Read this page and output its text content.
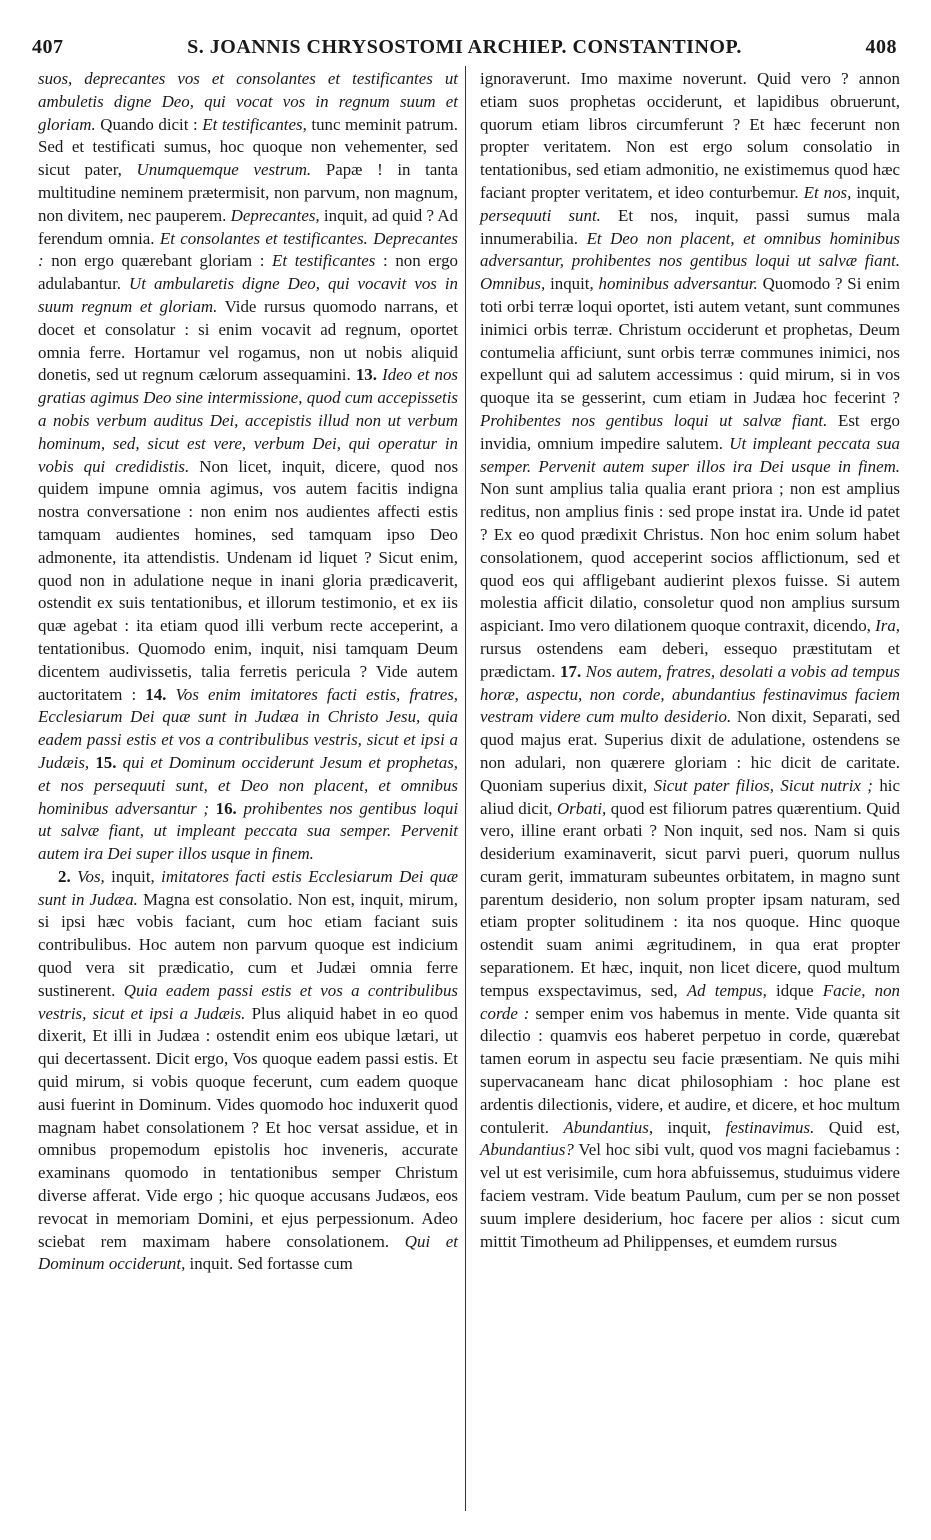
407	S. JOANNIS CHRYSOSTOMI ARCHIEP. CONSTANTINOP.	408

suos, deprecantes vos et consolantes et testificantes ut ambuletis digne Deo, qui vocat vos in regnum suum et gloriam. Quando dicit : Et testificantes, tunc meminit patrum. Sed et testificati sumus, hoc quoque non vehementer, sed sicut pater, Unumquemque vestrum. Papæ ! in tanta multitudine neminem prætermisit, non parvum, non magnum, non divitem, nec pauperem. Deprecantes, inquit, ad quid ? Ad ferendum omnia. Et consolantes et testificantes. Deprecantes : non ergo quærebant gloriam : Et testificantes : non ergo adulabantur. Ut ambularetis digne Deo, qui vocavit vos in suum regnum et gloriam. Vide rursus quomodo narrans, et docet et consolatur : si enim vocavit ad regnum, oportet omnia ferre. Hortamur vel rogamus, non ut nobis aliquid donetis, sed ut regnum cælorum assequamini. 13. Ideo et nos gratias agimus Deo sine intermissione, quod cum accepissetis a nobis verbum auditus Dei, accepistis illud non ut verbum hominum, sed, sicut est vere, verbum Dei, qui operatur in vobis qui credidistis. Non licet, inquit, dicere, quod nos quidem impune omnia agimus, vos autem facitis indigna nostra conversatione : non enim nos audientes affecti estis tamquam audientes homines, sed tamquam ipso Deo admonente, ita attendistis. Undenam id liquet ? Sicut enim, quod non in adulatione neque in inani gloria prædicaverit, ostendit ex suis tentationibus, et illorum testimonio, et ex iis quæ agebat : ita etiam quod illi verbum recte acceperint, a tentationibus. Quomodo enim, inquit, nisi tamquam Deum dicentem audivissetis, talia ferretis pericula ? Vide autem auctoritatem : 14. Vos enim imitatores facti estis, fratres, Ecclesiarum Dei quæ sunt in Judæa in Christo Jesu, quia eadem passi estis et vos a contribulibus vestris, sicut et ipsi a Judæis, 15. qui et Dominum occiderunt Jesum et prophetas, et nos persequuti sunt, et Deo non placent, et omnibus hominibus adversantur ; 16. prohibentes nos gentibus loqui ut salvæ fiant, ut impleant peccata sua semper. Pervenit autem ira Dei super illos usque in finem.

2. Vos, inquit, imitatores facti estis Ecclesiarum Dei quæ sunt in Judæa. Magna est consolatio. Non est, inquit, mirum, si ipsi hæc vobis faciant, cum hoc etiam faciant suis contribulibus. Hoc autem non parvum quoque est indicium quod vera sit prædicatio, cum et Judæi omnia ferre sustinerent. Quia eadem passi estis et vos a contribulibus vestris, sicut et ipsi a Judæis. Plus aliquid habet in eo quod dixerit, Et illi in Judæa : ostendit enim eos ubique lætari, ut qui decertassent. Dicit ergo, Vos quoque eadem passi estis. Et quid mirum, si vobis quoque fecerunt, cum eadem quoque ausi fuerint in Dominum. Vides quomodo hoc induxerit quod magnam habet consolationem ? Et hoc versat assidue, et in omnibus propemodum epistolis hoc inveneris, accurate examinans quomodo in tentationibus semper Christum diverse afferat. Vide ergo ; hic quoque accusans Judæos, eos revocat in memoriam Domini, et ejus perpessionum. Adeo sciebat rem maximam habere consolationem. Qui et Dominum occiderunt, inquit. Sed fortasse cum

ignoraverunt. Imo maxime noverunt. Quid vero ? annon etiam suos prophetas occiderunt, et lapidibus obruerunt, quorum etiam libros circumferunt ? Et hæc fecerunt non propter veritatem. Non est ergo solum consolatio in tentationibus, sed etiam admonitio, ne existimemus quod hæc faciant propter veritatem, et ideo conturbemur. Et nos, inquit, persequuti sunt. Et nos, inquit, passi sumus mala innumerabilia. Et Deo non placent, et omnibus hominibus adversantur, prohibentes nos gentibus loqui ut salvæ fiant. Omnibus, inquit, hominibus adversantur. Quomodo ? Si enim toti orbi terræ loqui oportet, isti autem vetant, sunt communes inimici orbis terræ. Christum occiderunt et prophetas, Deum contumelia afficiunt, sunt orbis terræ communes inimici, nos expellunt qui ad salutem accessimus : quid mirum, si in vos quoque ita se gesserint, cum etiam in Judæa hoc fecerint ? Prohibentes nos gentibus loqui ut salvæ fiant. Est ergo invidia, omnium impedire salutem. Ut impleant peccata sua semper. Pervenit autem super illos ira Dei usque in finem. Non sunt amplius talia qualia erant priora ; non est amplius reditus, non amplius finis : sed prope instat ira. Unde id patet ? Ex eo quod prædixit Christus. Non hoc enim solum habet consolationem, quod acceperint socios afflictionum, sed et quod eos qui affligebant audierint plexos fuisse. Si autem molestia afficit dilatio, consoletur quod non amplius sursum aspiciant. Imo vero dilationem quoque contraxit, dicendo, Ira, rursus ostendens eam deberi, essequo præstitutam et prædictam. 17. Nos autem, fratres, desolati a vobis ad tempus horæ, aspectu, non corde, abundantius festinavimus faciem vestram videre cum multo desiderio. Non dixit, Separati, sed quod majus erat. Superius dixit de adulatione, ostendens se non adulari, non quærere gloriam : hic dicit de caritate. Quoniam superius dixit, Sicut pater filios, Sicut nutrix ; hic aliud dicit, Orbati, quod est filiorum patres quærentium. Quid vero, illine erant orbati ? Non inquit, sed nos. Nam si quis desiderium examinaverit, sicut parvi pueri, quorum nullus curam gerit, immaturam subeuntes orbitatem, in magno sunt parentum desiderio, non solum propter ipsam naturam, sed etiam propter solitudinem : ita nos quoque. Hinc quoque ostendit suam animi ægritudinem, in qua erat propter separationem. Et hæc, inquit, non licet dicere, quod multum tempus exspectavimus, sed, Ad tempus, idque Facie, non corde : semper enim vos habemus in mente. Vide quanta sit dilectio : quamvis eos haberet perpetuo in corde, quærebat tamen eorum in aspectu seu facie præsentiam. Ne quis mihi supervacaneam hanc dicat philosophiam : hoc plane est ardentis dilectionis, videre, et audire, et dicere, et hoc multum contulerit. Abundantius, inquit, festinavimus. Quid est, Abundantius? Vel hoc sibi vult, quod vos magni faciebamus : vel ut est verisimile, cum hora abfuissemus, studuimus videre faciem vestram. Vide beatum Paulum, cum per se non posset suum implere desiderium, hoc facere per alios : sicut cum mittit Timotheum ad Philippenses, et eumdem rursus
